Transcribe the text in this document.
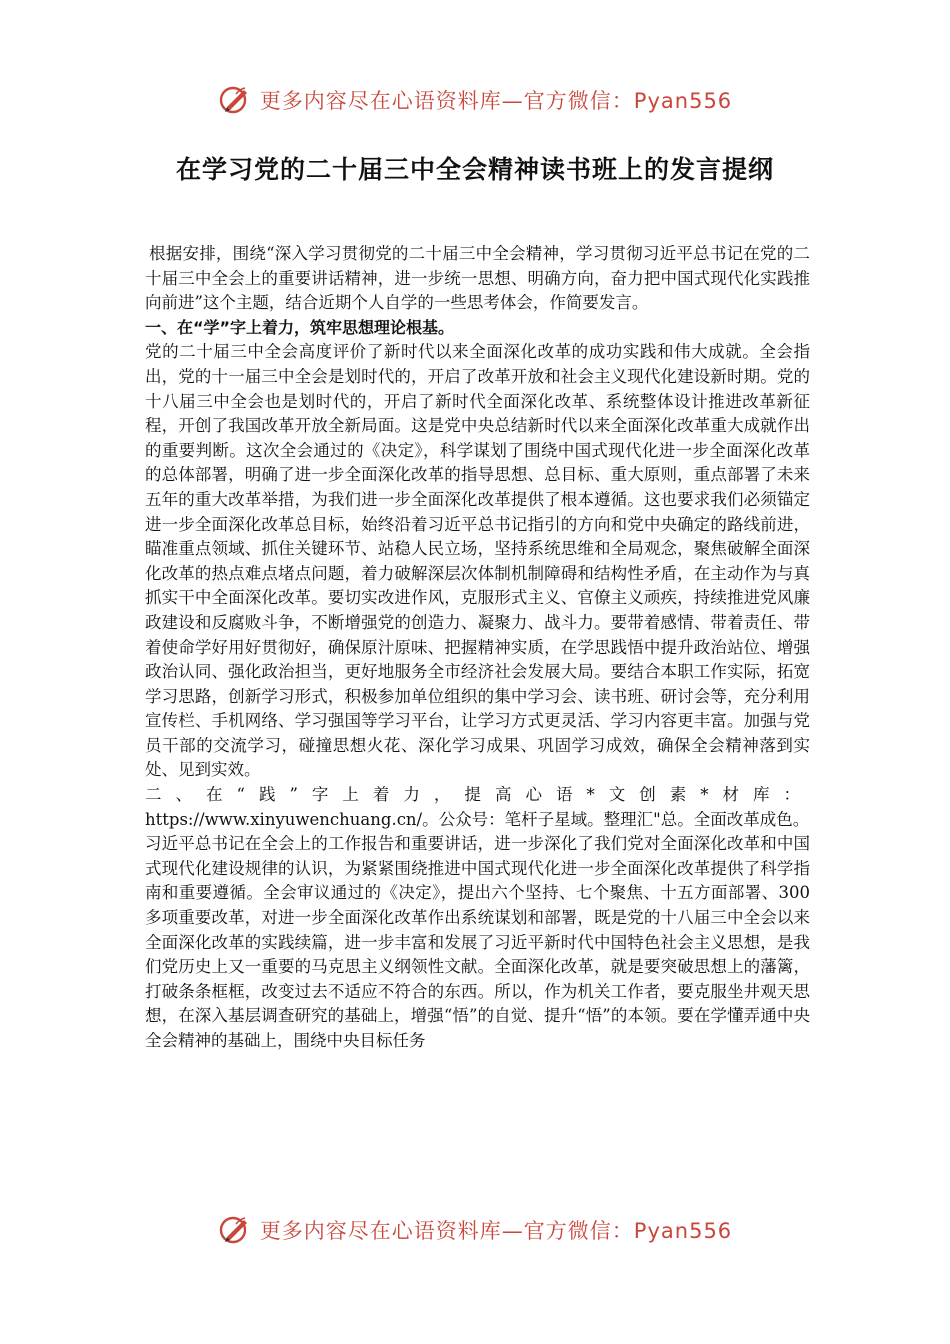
更多内容尽在心语资料库—官方微信：Pyan556
在学习党的二十届三中全会精神读书班上的发言提纲

根据安排，围绕“深入学习贯彻党的二十届三中全会精神，学习贯彻习近平总书记在党的二十届三中全会上的重要讲话精神，进一步统一思想、明确方向，奋力把中国式现代化实践推向前进”这个主题，结合近期个人自学的一些思考体会，作简要发言。

一、在“学”字上着力，筑牢思想理论根基。

党的二十届三中全会高度评价了新时代以来全面深化改革的成功实践和伟大成就。全会指出，党的十一届三中全会是划时代的，开启了改革开放和社会主义现代化建设新时期。党的十八届三中全会也是划时代的，开启了新时代全面深化改革、系统整体设计推进改革新征程，开创了我国改革开放全新局面。这是党中央总结新时代以来全面深化改革重大成就作出的重要判断。这次全会通过的《决定》，科学谋划了围绕中国式现代化进一步全面深化改革的总体部署，明确了进一步全面深化改革的指导思想、总目标、重大原则，重点部署了未来五年的重大改革举措，为我们进一步全面深化改革提供了根本遵循。这也要求我们必须锚定进一步全面深化改革总目标，始终沿着习近平总书记指引的方向和党中央确定的路线前进，瞄准重点领域、抓住关键环节、站稳人民立场，坚持系统思维和全局观念，聚焦破解全面深化改革的热点难点堵点问题，着力破解深层次体制机制障碍和结构性矛盾，在主动作为与真抓实干中全面深化改革。要切实改进作风，克服形式主义、官僚主义顽疾，持续推进党风廉政建设和反腐败斗争，不断增强党的创造力、凝聚力、战斗力。要带着感情、带着责任、带着使命学好用好贯彻好，确保原汁原味、把握精神实质，在学思践悟中提升政治站位、增强政治认同、强化政治担当，更好地服务全市经济社会发展大局。要结合本职工作实际，拓宽学习思路，创新学习形式，积极参加单位组织的集中学习会、读书班、研讨会等，充分利用宣传栏、手机网络、学习强国等学习平台，让学习方式更灵活、学习内容更丰富。加强与党员干部的交流学习，碰撞思想火花、深化学习成果、巩固学习成效，确保全会精神落到实处、见到实效。

二、在“践”字上着力，提高心语*文创素*材库：https://www.xinyuwenchuang.cn/。公众号：笔杆子星域。整理汇"总。全面改革成色。

习近平总书记在全会上的工作报告和重要讲话，进一步深化了我们党对全面深化改革和中国式现代化建设规律的认识，为紧紧围绕推进中国式现代化进一步全面深化改革提供了科学指南和重要遵循。全会审议通过的《决定》，提出六个坚持、七个聚焦、十五方面部署、300多项重要改革，对进一步全面深化改革作出系统谋划和部署，既是党的十八届三中全会以来全面深化改革的实践续篇，进一步丰富和发展了习近平新时代中国特色社会主义思想，是我们党历史上又一重要的马克思主义纲领性文献。全面深化改革，就是要突破思想上的藩篱，打破条条框框，改变过去不适应不符合的东西。所以，作为机关工作者，要克服坐井观天思想，在深入基层调查研究的基础上，增强“悟”的自觉、提升“悟”的本领。要在学懂弄通中央全会精神的基础上，围绕中央目标任务

更多内容尽在心语资料库—官方微信：Pyan556
